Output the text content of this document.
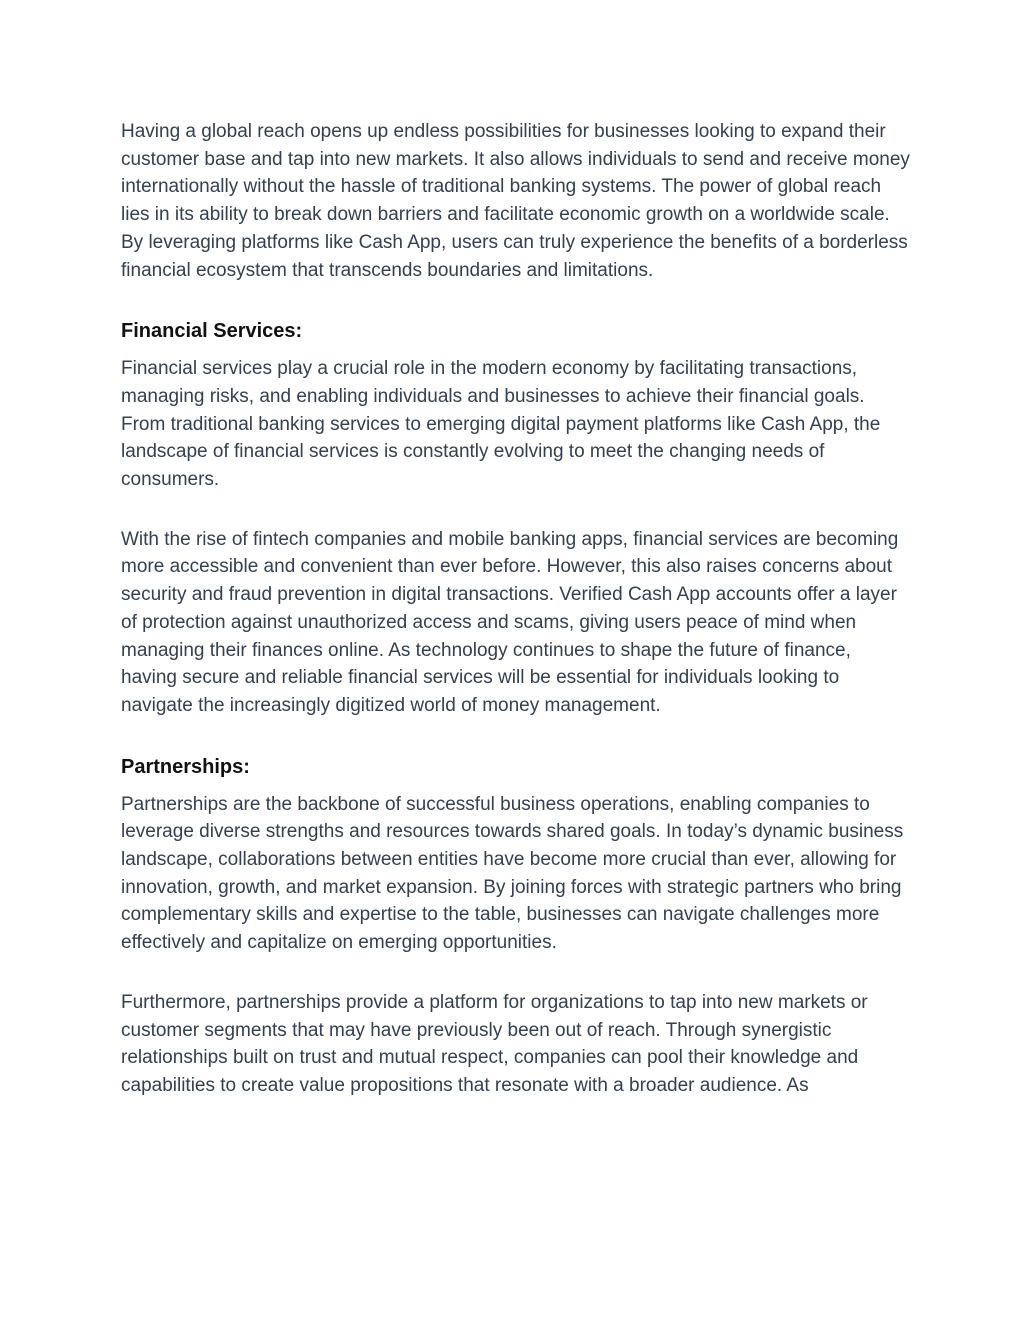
Having a global reach opens up endless possibilities for businesses looking to expand their customer base and tap into new markets. It also allows individuals to send and receive money internationally without the hassle of traditional banking systems. The power of global reach lies in its ability to break down barriers and facilitate economic growth on a worldwide scale. By leveraging platforms like Cash App, users can truly experience the benefits of a borderless financial ecosystem that transcends boundaries and limitations.

Financial Services:

Financial services play a crucial role in the modern economy by facilitating transactions, managing risks, and enabling individuals and businesses to achieve their financial goals. From traditional banking services to emerging digital payment platforms like Cash App, the landscape of financial services is constantly evolving to meet the changing needs of consumers.

With the rise of fintech companies and mobile banking apps, financial services are becoming more accessible and convenient than ever before. However, this also raises concerns about security and fraud prevention in digital transactions. Verified Cash App accounts offer a layer of protection against unauthorized access and scams, giving users peace of mind when managing their finances online. As technology continues to shape the future of finance, having secure and reliable financial services will be essential for individuals looking to navigate the increasingly digitized world of money management.

Partnerships:

Partnerships are the backbone of successful business operations, enabling companies to leverage diverse strengths and resources towards shared goals. In today’s dynamic business landscape, collaborations between entities have become more crucial than ever, allowing for innovation, growth, and market expansion. By joining forces with strategic partners who bring complementary skills and expertise to the table, businesses can navigate challenges more effectively and capitalize on emerging opportunities.

Furthermore, partnerships provide a platform for organizations to tap into new markets or customer segments that may have previously been out of reach. Through synergistic relationships built on trust and mutual respect, companies can pool their knowledge and capabilities to create value propositions that resonate with a broader audience. As
